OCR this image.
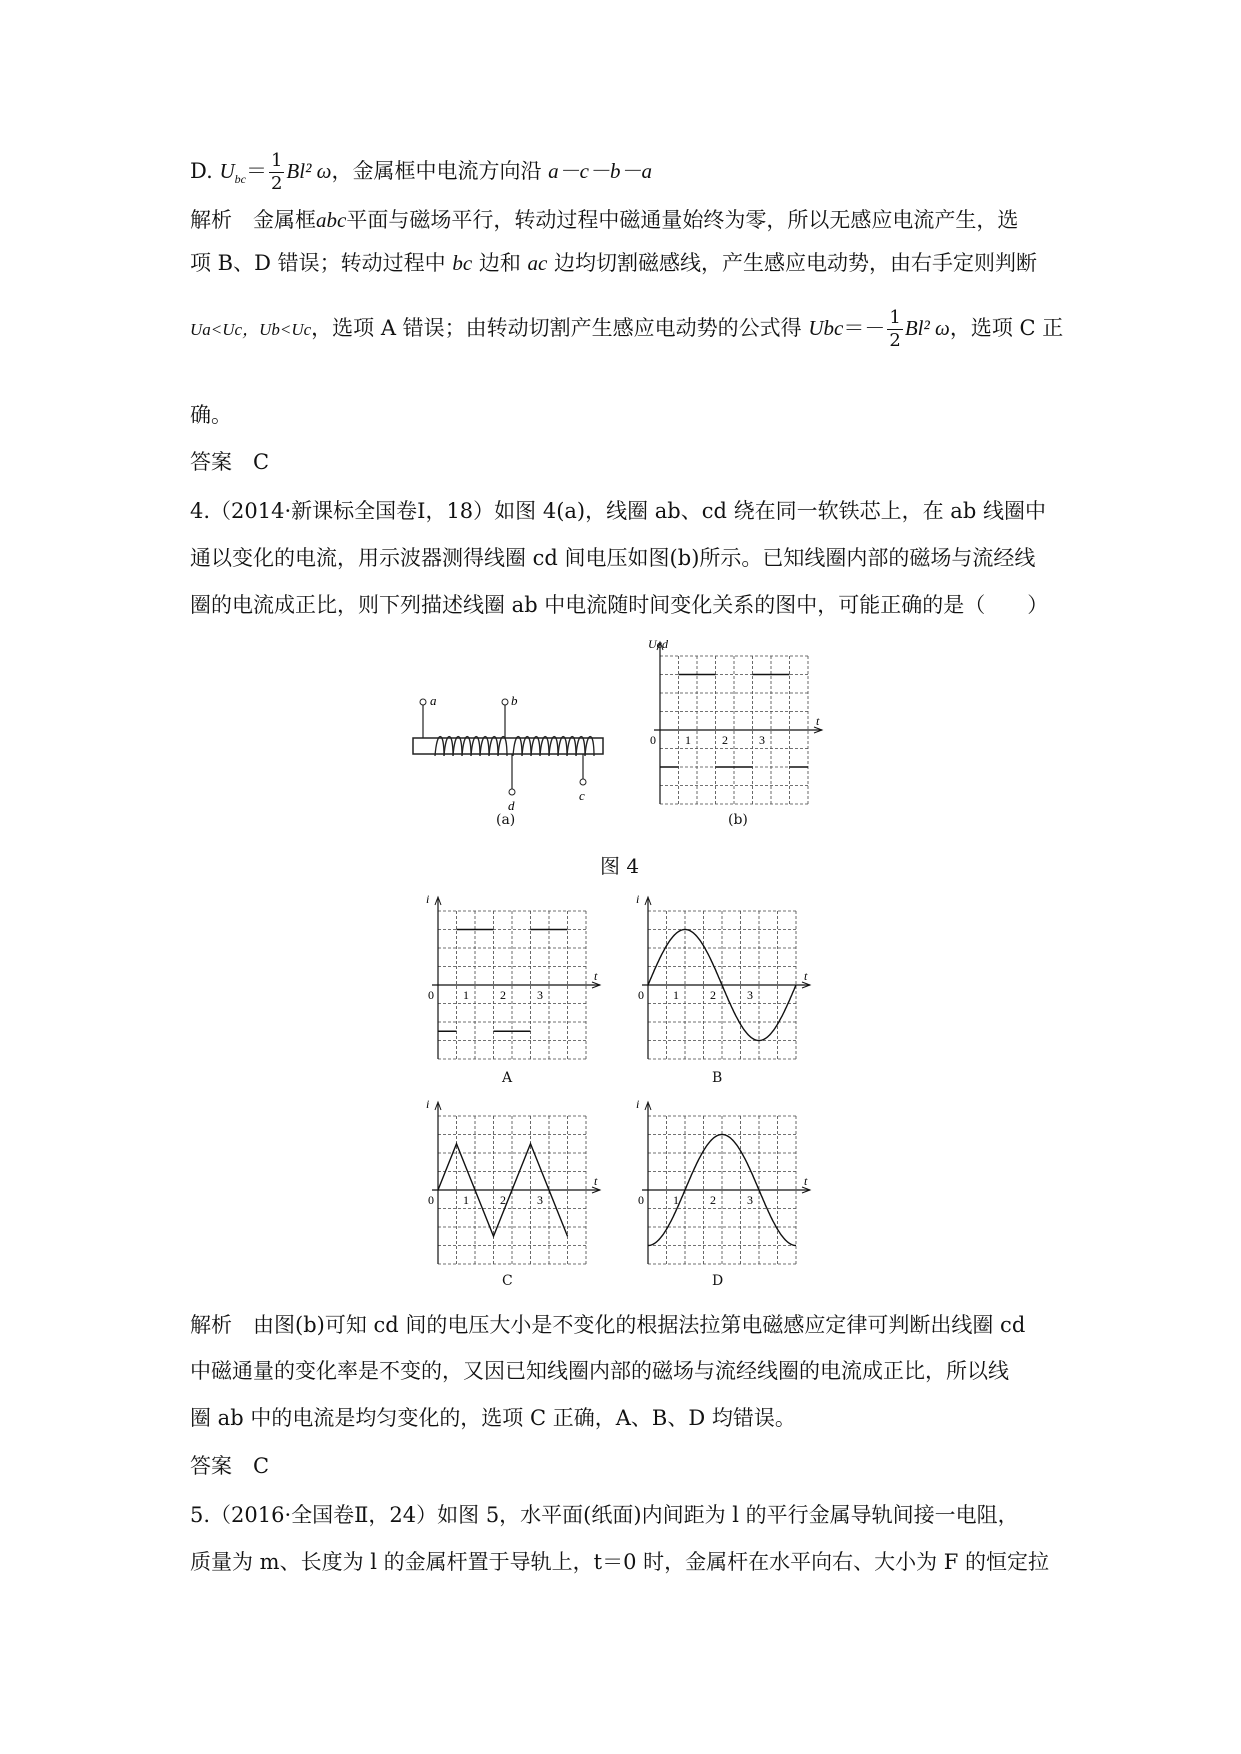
D. $U_{bc}= \frac{1}{2} Bl^2$ ω，金属框中电流方向沿 a－c－b－a
解析　 金属框abc平面与磁场平行，转动过程中磁通量始终为零，所以无感应电流产生，选
项 B、D 错误；转动过程中 bc 边和 ac 边均切割磁感线，产生感应电动势，由右手定则判断
Ua<Uc，Ub<Uc，选项 A 错误；由转动切割产生感应电动势的公式得 $Ubc=- \frac{1}{2} Bl^2$ ω，选项 C 正
确。
答案　 C
4.（2014·新课标全国卷Ⅰ，18）如图 4(a)，线圈 ab、cd 绕在同一软铁芯上，在 ab 线圈中
通以变化的电流，用示波器测得线圈 cd 间电压如图(b)所示。已知线圈内部的磁场与流经线
圈的电流成正比，则下列描述线圈 ab 中电流随时间变化关系的图中，可能正确的是（　　）
a	b
d
c
(a)
Ucd
t
0 1	2	3
(b)
图 4
i
t
0 1	2	3
i
t
0 1	2	3
i
t
0 1	2	3
i
t
0 1	2	3
A	B
C	D
解析　 由图(b)可知 cd 间的电压大小是不变化的根据法拉第电磁感应定律可判断出线圈 cd
中磁通量的变化率是不变的，又因已知线圈内部的磁场与流经线圈的电流成正比，所以线
圈 ab 中的电流是均匀变化的，选项 C 正确，A、B、D 均错误。
答案　 C
5.（2016·全国卷Ⅱ，24）如图 5，水平面(纸面)内间距为 l 的平行金属导轨间接一电阻，
质量为 m、长度为 l 的金属杆置于导轨上，t＝0 时，金属杆在水平向右、大小为 F 的恒定拉
